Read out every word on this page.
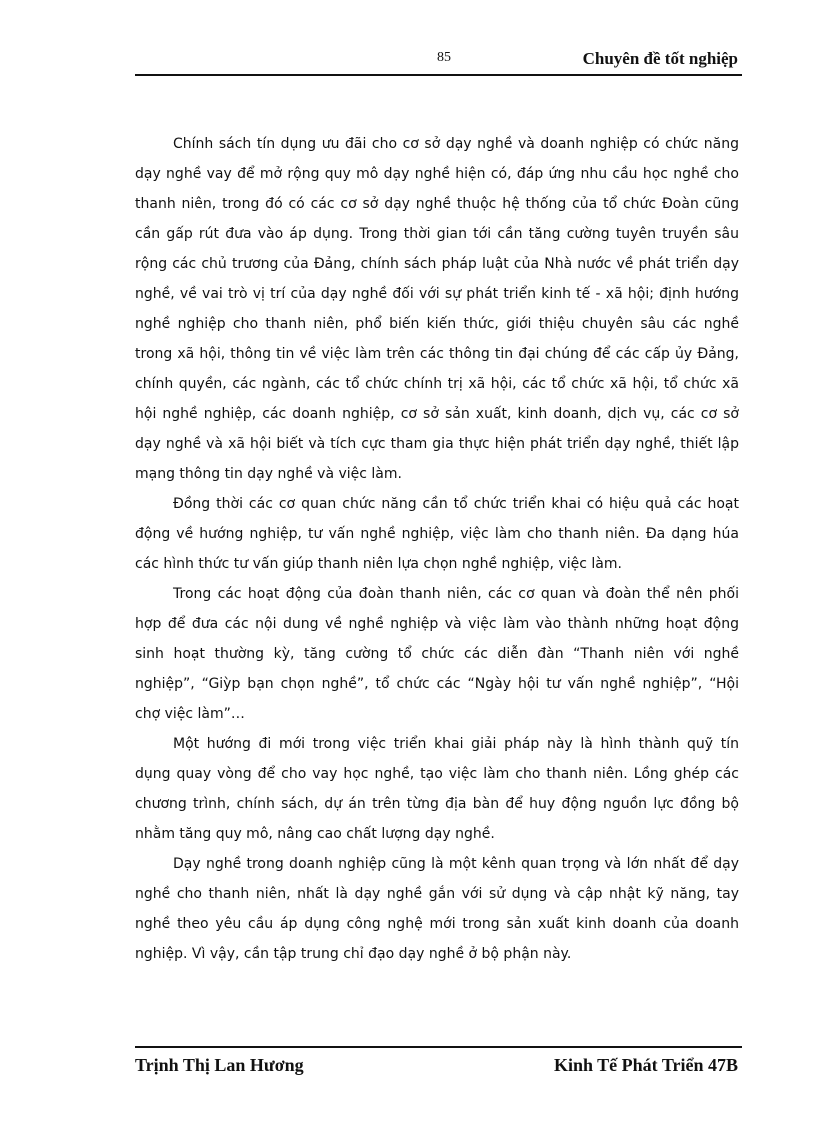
85	Chuyên đề tốt nghiệp
Chính sách tín dụng ưu đãi cho cơ sở dạy nghề và doanh nghiệp có chức năng
dạy nghề vay để mở rộng quy mô dạy nghề hiện có, đáp ứng nhu cầu học nghề cho
thanh niên, trong đó có các cơ sở dạy nghề thuộc hệ thống của tổ chức Đoàn cũng
cần gấp rút đưa vào áp dụng. Trong thời gian tới cần tăng cường tuyên truyền sâu
rộng các chủ trương của Đảng, chính sách pháp luật của Nhà nước về phát triển dạy
nghề, về vai trò vị trí của dạy nghề đối với sự phát triển kinh tế - xã hội; định hướng
nghề nghiệp cho thanh niên, phổ biến kiến thức, giới thiệu chuyên sâu các nghề
trong xã hội, thông tin về việc làm trên các thông tin đại chúng để các cấp ủy Đảng,
chính quyền, các ngành, các tổ chức chính trị xã hội, các tổ chức xã hội, tổ chức xã
hội nghề nghiệp, các doanh nghiệp, cơ sở sản xuất, kinh doanh, dịch vụ, các cơ sở
dạy nghề và xã hội biết và tích cực tham gia thực hiện phát triển dạy nghề, thiết lập
mạng thông tin dạy nghề và việc làm.
Đồng thời các cơ quan chức năng cần tổ chức triển khai có hiệu quả các hoạt
động về hướng nghiệp, tư vấn nghề nghiệp, việc làm cho thanh niên. Đa dạng húa
các hình thức tư vấn giúp thanh niên lựa chọn nghề nghiệp, việc làm.
Trong các hoạt động của đoàn thanh niên, các cơ quan và đoàn thể nên phối
hợp để đưa các nội dung về nghề nghiệp và việc làm vào thành những hoạt động
sinh hoạt thường kỳ, tăng cường tổ chức các diễn đàn “Thanh niên với nghề
nghiệp”, “Giỳp bạn chọn nghề”, tổ chức các “Ngày hội tư vấn nghề nghiệp”, “Hội
chợ việc làm”…
Một hướng đi mới trong việc triển khai giải pháp này là hình thành quỹ tín
dụng quay vòng để cho vay học nghề, tạo việc làm cho thanh niên. Lồng ghép các
chương trình, chính sách, dự án trên từng địa bàn để huy động nguồn lực đồng bộ
nhằm tăng quy mô, nâng cao chất lượng dạy nghề.
Dạy nghề trong doanh nghiệp cũng là một kênh quan trọng và lớn nhất để dạy
nghề cho thanh niên, nhất là dạy nghề gắn với sử dụng và cập nhật kỹ năng, tay
nghề theo yêu cầu áp dụng công nghệ mới trong sản xuất kinh doanh của doanh
nghiệp. Vì vậy, cần tập trung chỉ đạo dạy nghề ở bộ phận này.
Trịnh Thị Lan Hương	Kinh Tế Phát Triển 47B
